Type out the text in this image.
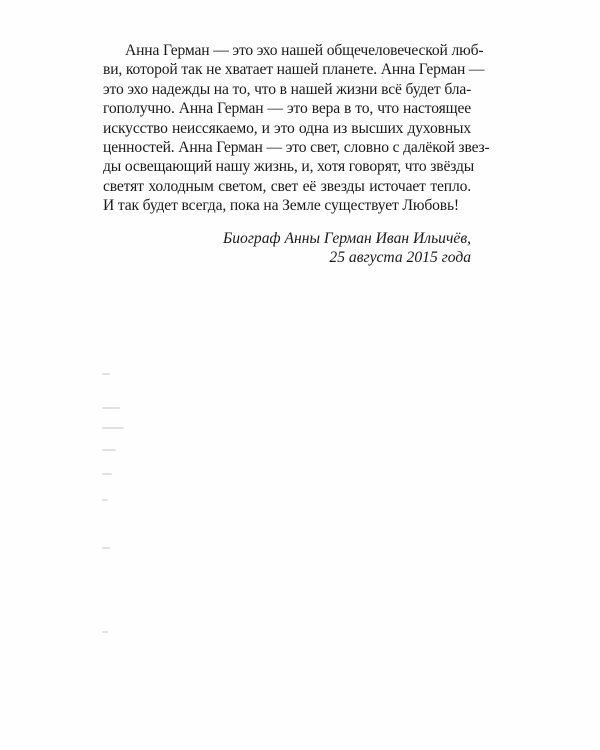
Анна Герман — это эхо нашей общечеловеческой люб-
ви, которой так не хватает нашей планете. Анна Герман —
это эхо надежды на то, что в нашей жизни всё будет бла-
гополучно. Анна Герман — это вера в то, что настоящее
искусство неиссякаемо, и это одна из высших духовных
ценностей. Анна Герман — это свет, словно с далёкой звез-
ды освещающий нашу жизнь, и, хотя говорят, что звёзды
светят холодным светом, свет её звезды источает тепло.
И так будет всегда, пока на Земле существует Любовь!

Биограф Анны Герман Иван Ильичёв,
25 августа 2015 года
